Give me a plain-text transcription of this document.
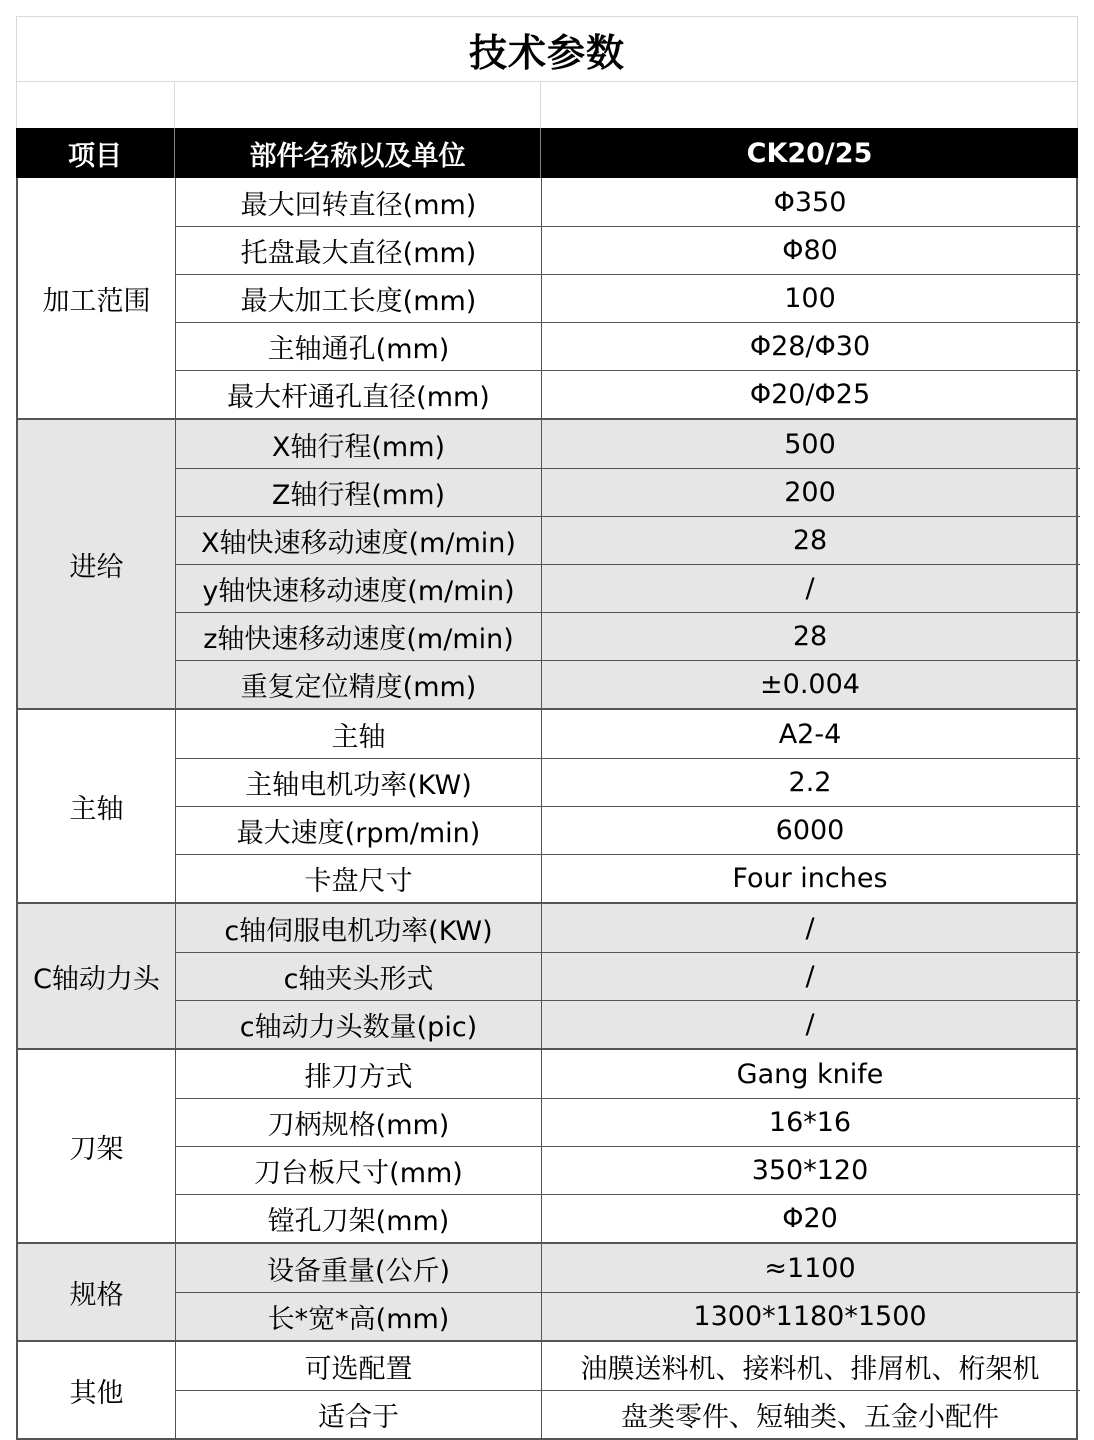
技术参数
项目	部件名称以及单位	CK20/25
加工范围
最大回转直径(mm)	Φ350
托盘最大直径(mm)	Φ80
最大加工长度(mm)	100
主轴通孔(mm)	Φ28/Φ30
最大杆通孔直径(mm)	Φ20/Φ25
进给
X轴行程(mm)	500
Z轴行程(mm)	200
X轴快速移动速度(m/min)	28
y轴快速移动速度(m/min)	/
z轴快速移动速度(m/min)	28
重复定位精度(mm)	±0.004
主轴
主轴	A2-4
主轴电机功率(KW)	2.2
最大速度(rpm/min)	6000
卡盘尺寸	Four inches
C轴动力头
c轴伺服电机功率(KW)	/
c轴夹头形式	/
c轴动力头数量(pic)	/
刀架
排刀方式	Gang knife
刀柄规格(mm)	16*16
刀台板尺寸(mm)	350*120
镗孔刀架(mm)	Φ20
规格
设备重量(公斤)	≈1100
长*宽*高(mm)	1300*1180*1500
其他
可选配置	油膜送料机、接料机、排屑机、桁架机
适合于	盘类零件、短轴类、五金小配件
